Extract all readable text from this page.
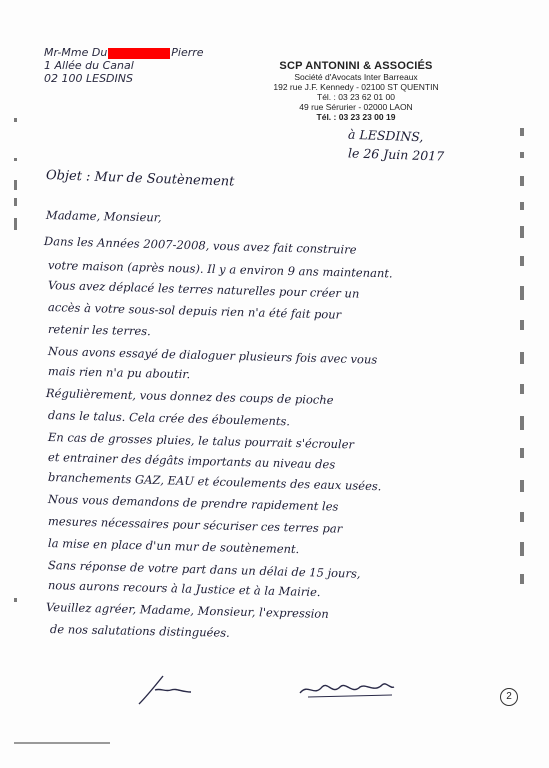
Mr-Mme Du	Pierre
1 Allée du Canal
02 100 LESDINS
SCP ANTONINI & ASSOCIÉS
Société d'Avocats Inter Barreaux
192 rue J.F. Kennedy - 02100 ST QUENTIN
Tél. : 03 23 62 01 00
49 rue Sérurier - 02000 LAON
Tél. : 03 23 23 00 19
à LESDINS,
le 26 Juin 2017
Objet : Mur de Soutènement
Madame, Monsieur,
Dans les Années 2007-2008, vous avez fait construire
votre maison (après nous). Il y a environ 9 ans maintenant.
Vous avez déplacé les terres naturelles pour créer un
accès à votre sous-sol depuis rien n'a été fait pour
retenir les terres.
Nous avons essayé de dialoguer plusieurs fois avec vous
mais rien n'a pu aboutir.
Régulièrement, vous donnez des coups de pioche
dans le talus. Cela crée des éboulements.
En cas de grosses pluies, le talus pourrait s'écrouler
et entrainer des dégâts importants au niveau des
branchements GAZ, EAU et écoulements des eaux usées.
Nous vous demandons de prendre rapidement les
mesures nécessaires pour sécuriser ces terres par
la mise en place d'un mur de soutènement.
Sans réponse de votre part dans un délai de 15 jours,
nous aurons recours à la Justice et à la Mairie.
Veuillez agréer, Madame, Monsieur, l'expression
de nos salutations distinguées.
2
